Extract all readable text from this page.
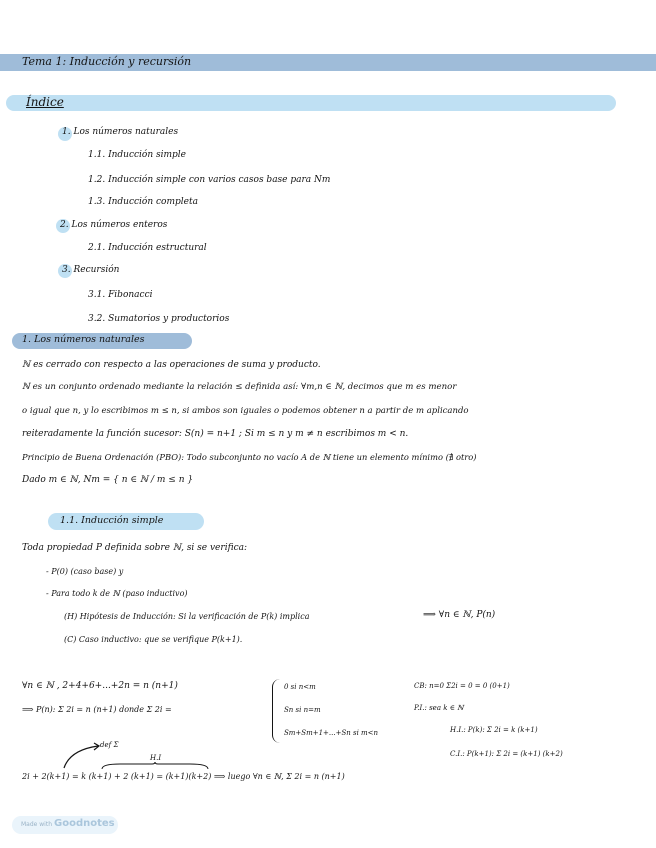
Tema 1: Inducción y recursión
Índice
1. Los números naturales
1.1. Inducción simple
1.2. Inducción simple con varios casos base para Nm
1.3. Inducción completa
2. Los números enteros
2.1. Inducción estructural
3. Recursión
3.1. Fibonacci
3.2. Sumatorios y productorios
1. Los números naturales
ℕ es cerrado con respecto a las operaciones de suma y producto.
ℕ es un conjunto ordenado mediante la relación ≤ definida así: ∀m,n ∈ ℕ, decimos que m es menor
o igual que n, y lo escribimos m ≤ n, si ambos son iguales o podemos obtener n a partir de m aplicando
reiteradamente la función sucesor: S(n) = n+1 ; Si m ≤ n y m ≠ n escribimos m < n.
Principio de Buena Ordenación (PBO): Todo subconjunto no vacío A de ℕ tiene un elemento mínimo (∄ otro)
Dado m ∈ ℕ, Nm = { n ∈ ℕ / m ≤ n }
1.1. Inducción simple
Toda propiedad P definida sobre ℕ, si se verifica:
- P(0) (caso base) y
- Para todo k de ℕ (paso inductivo)
(H) Hipótesis de Inducción: Si la verificación de P(k) implica
(C) Caso inductivo: que se verifique P(k+1).
⟹ ∀n ∈ ℕ, P(n)
∀n ∈ ℕ , 2+4+6+...+2n = n (n+1)
⟹ P(n): Σ 2i = n (n+1) donde Σ 2i =
0 si n<m
Sn si n=m
Sm+Sm+1+...+Sn si m<n
CB: n=0 Σ2i = 0 = 0 (0+1)
P.I.: sea k ∈ ℕ
H.I.: P(k): Σ 2i = k (k+1)
C.I.: P(k+1): Σ 2i = (k+1) (k+2)
def Σ
H.I
2i + 2(k+1) = k (k+1) + 2 (k+1) = (k+1)(k+2) ⟹ luego ∀n ∈ ℕ, Σ 2i = n (n+1)
Made with Goodnotes
